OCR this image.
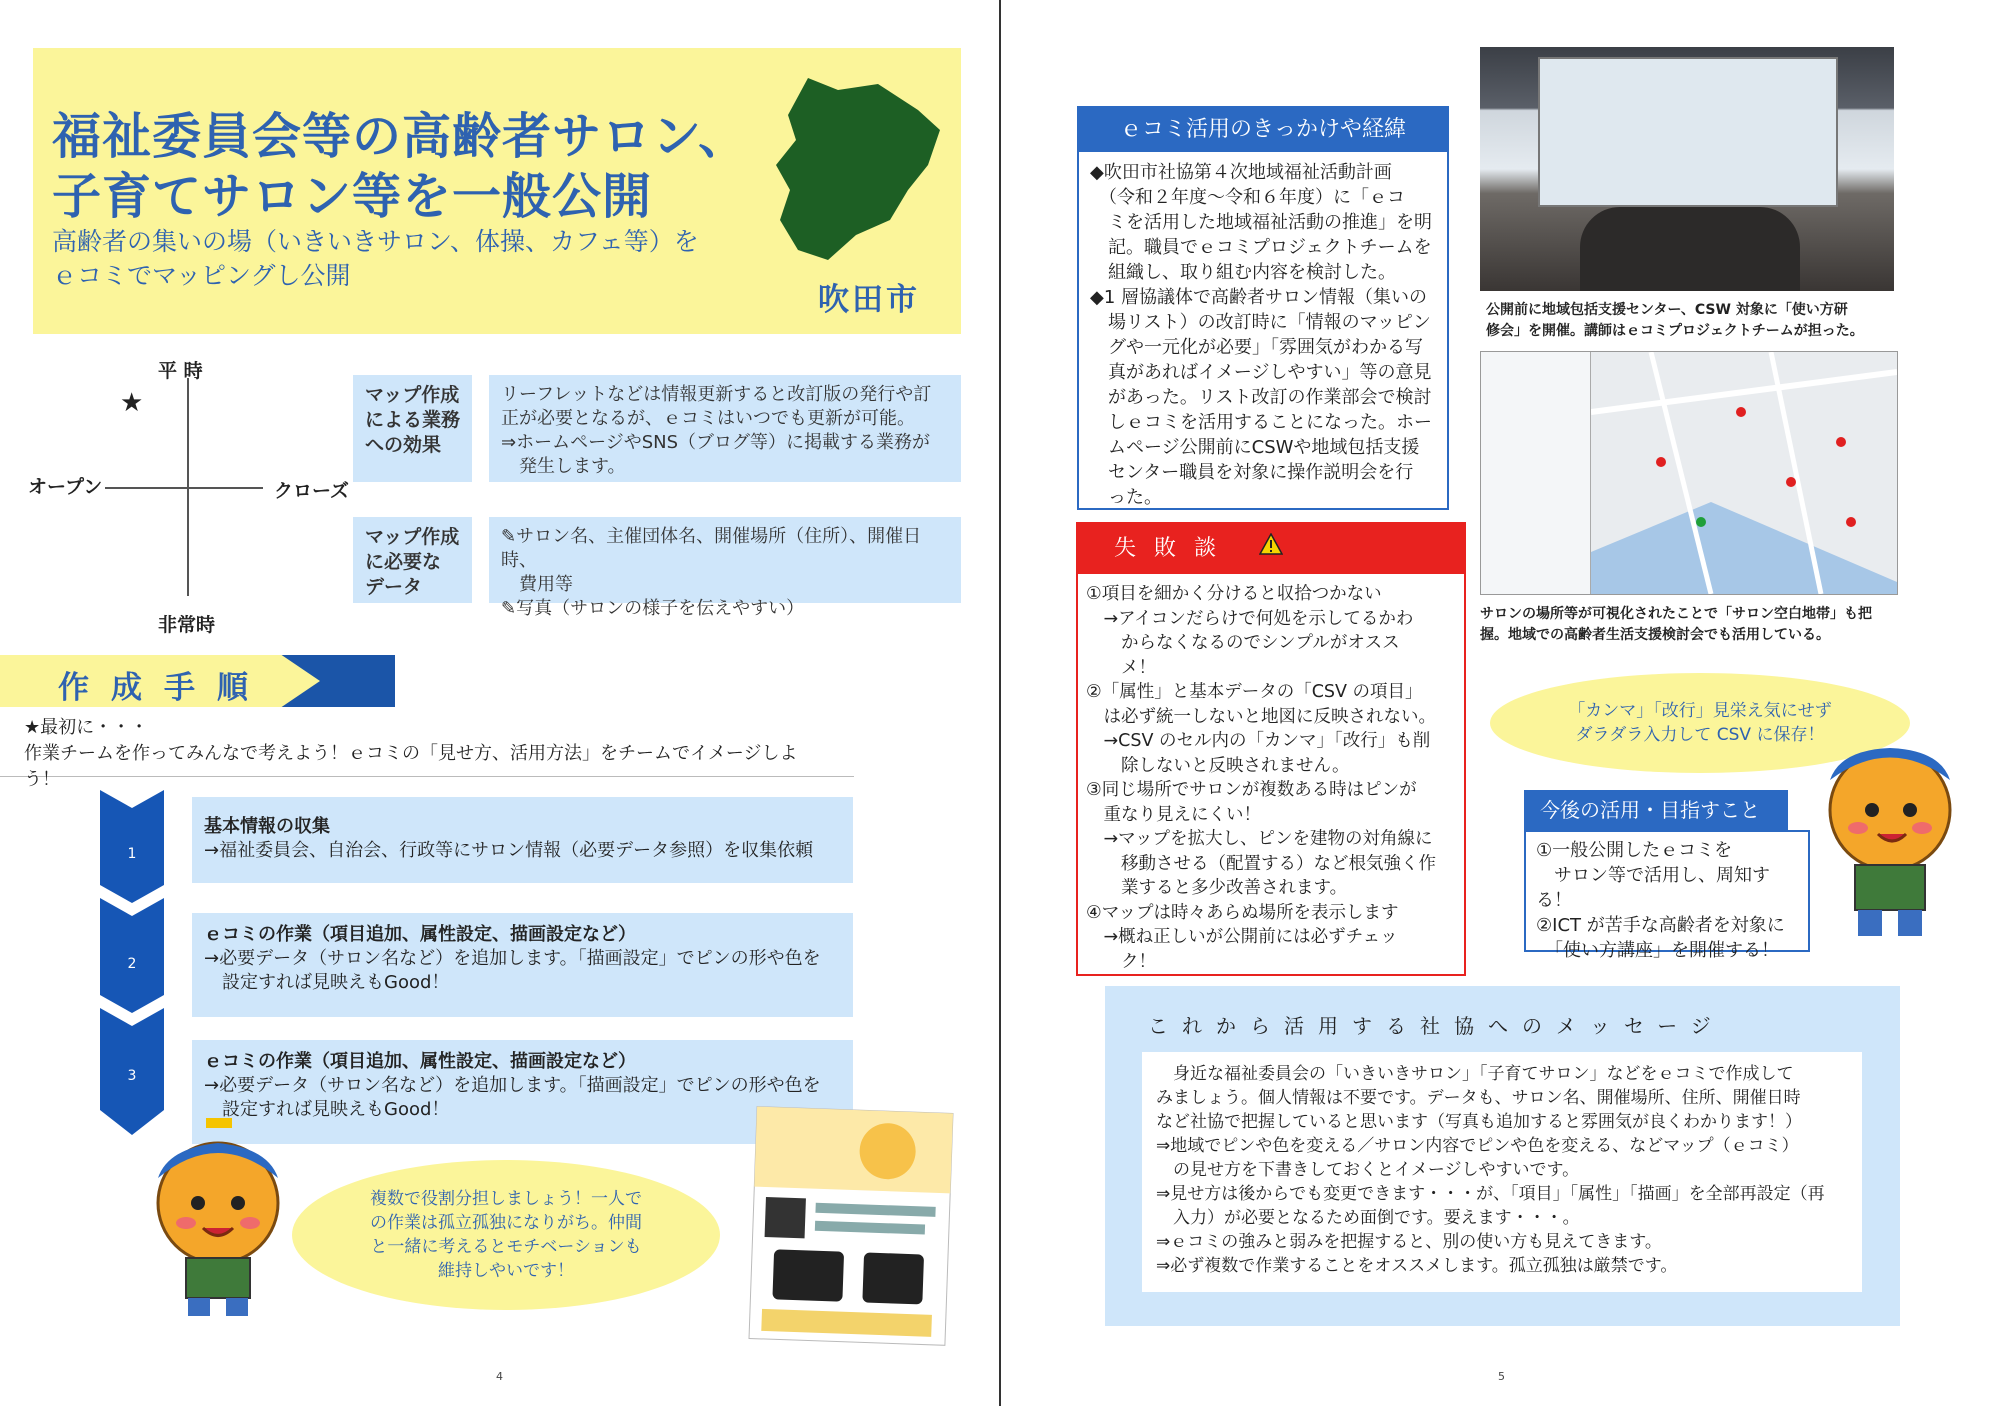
福祉委員会等の高齢者サロン、
子育てサロン等を一般公開
高齢者の集いの場（いきいきサロン、体操、カフェ等）を
ｅコミでマッピングし公開
吹田市
平 時
非常時
オープン	クローズ
★	マップ作成
による業務
への効果
リーフレットなどは情報更新すると改訂版の発行や訂
正が必要となるが、ｅコミはいつでも更新が可能。
⇒ホームページやSNS（ブログ等）に掲載する業務が
　発生します。
マップ作成
に必要な
データ
✎サロン名、主催団体名、開催場所（住所）、開催日時、
　費用等
✎写真（サロンの様子を伝えやすい）
作成手順
★最初に・・・
作業チームを作ってみんなで考えよう！ｅコミの「見せ方、活用方法」をチームでイメージしよう！
1
2
3
基本情報の収集
→福祉委員会、自治会、行政等にサロン情報（必要データ参照）を収集依頼
ｅコミの作業（項目追加、属性設定、描画設定など）
→必要データ（サロン名など）を追加します。「描画設定」でピンの形や色を
　設定すれば見映えもGood！
ｅコミの作業（項目追加、属性設定、描画設定など）
→必要データ（サロン名など）を追加します。「描画設定」でピンの形や色を
　設定すれば見映えもGood！
複数で役割分担しましょう！一人で
の作業は孤立孤独になりがち。仲間
と一緒に考えるとモチベーションも
維持しやいです！
4
ｅコミ活用のきっかけや経緯
◆吹田市社協第４次地域福祉活動計画
　（令和２年度～令和６年度）に「ｅコ
　ミを活用した地域福祉活動の推進」を明
　記。職員でｅコミプロジェクトチームを
　組織し、取り組む内容を検討した。
◆1 層協議体で高齢者サロン情報（集いの
　場リスト）の改訂時に「情報のマッピン
　グや一元化が必要」「雰囲気がわかる写
　真があればイメージしやすい」等の意見
　があった。リスト改訂の作業部会で検討
　しｅコミを活用することになった。ホー
　ムページ公開前にCSWや地域包括支援
　センター職員を対象に操作説明会を行
　った。
失敗談
①項目を細かく分けると収拾つかない
　→アイコンだらけで何処を示してるかわ
　　からなくなるのでシンプルがオスス
　　メ！
②「属性」と基本データの「CSV の項目」
　は必ず統一しないと地図に反映されない。
　→CSV のセル内の「カンマ」「改行」も削
　　除しないと反映されません。
③同じ場所でサロンが複数ある時はピンが
　重なり見えにくい！
　→マップを拡大し、ピンを建物の対角線に
　　移動させる（配置する）など根気強く作
　　業すると多少改善されます。
④マップは時々あらぬ場所を表示します
　→概ね正しいが公開前には必ずチェッ
　　ク！
公開前に地域包括支援センター、CSW 対象に「使い方研
修会」を開催。講師はｅコミプロジェクトチームが担った。
サロンの場所等が可視化されたことで「サロン空白地帯」も把
握。地域での高齢者生活支援検討会でも活用している。
「カンマ」「改行」見栄え気にせず
ダラダラ入力して CSV に保存！
今後の活用・目指すこと
①一般公開したｅコミを
　サロン等で活用し、周知する！
②ICT が苦手な高齢者を対象に
　「使い方講座」を開催する！
これから活用する社協へのメッセージ
　身近な福祉委員会の「いきいきサロン」「子育てサロン」などをｅコミで作成して
みましょう。個人情報は不要です。データも、サロン名、開催場所、住所、開催日時
など社協で把握していると思います（写真も追加すると雰囲気が良くわかります！）
⇒地域でピンや色を変える／サロン内容でピンや色を変える、などマップ（ｅコミ）
　の見せ方を下書きしておくとイメージしやすいです。
⇒見せ方は後からでも変更できます・・・が、「項目」「属性」「描画」を全部再設定（再
　入力）が必要となるため面倒です。要えます・・・。
⇒ｅコミの強みと弱みを把握すると、別の使い方も見えてきます。
⇒必ず複数で作業することをオススメします。孤立孤独は厳禁です。
5
